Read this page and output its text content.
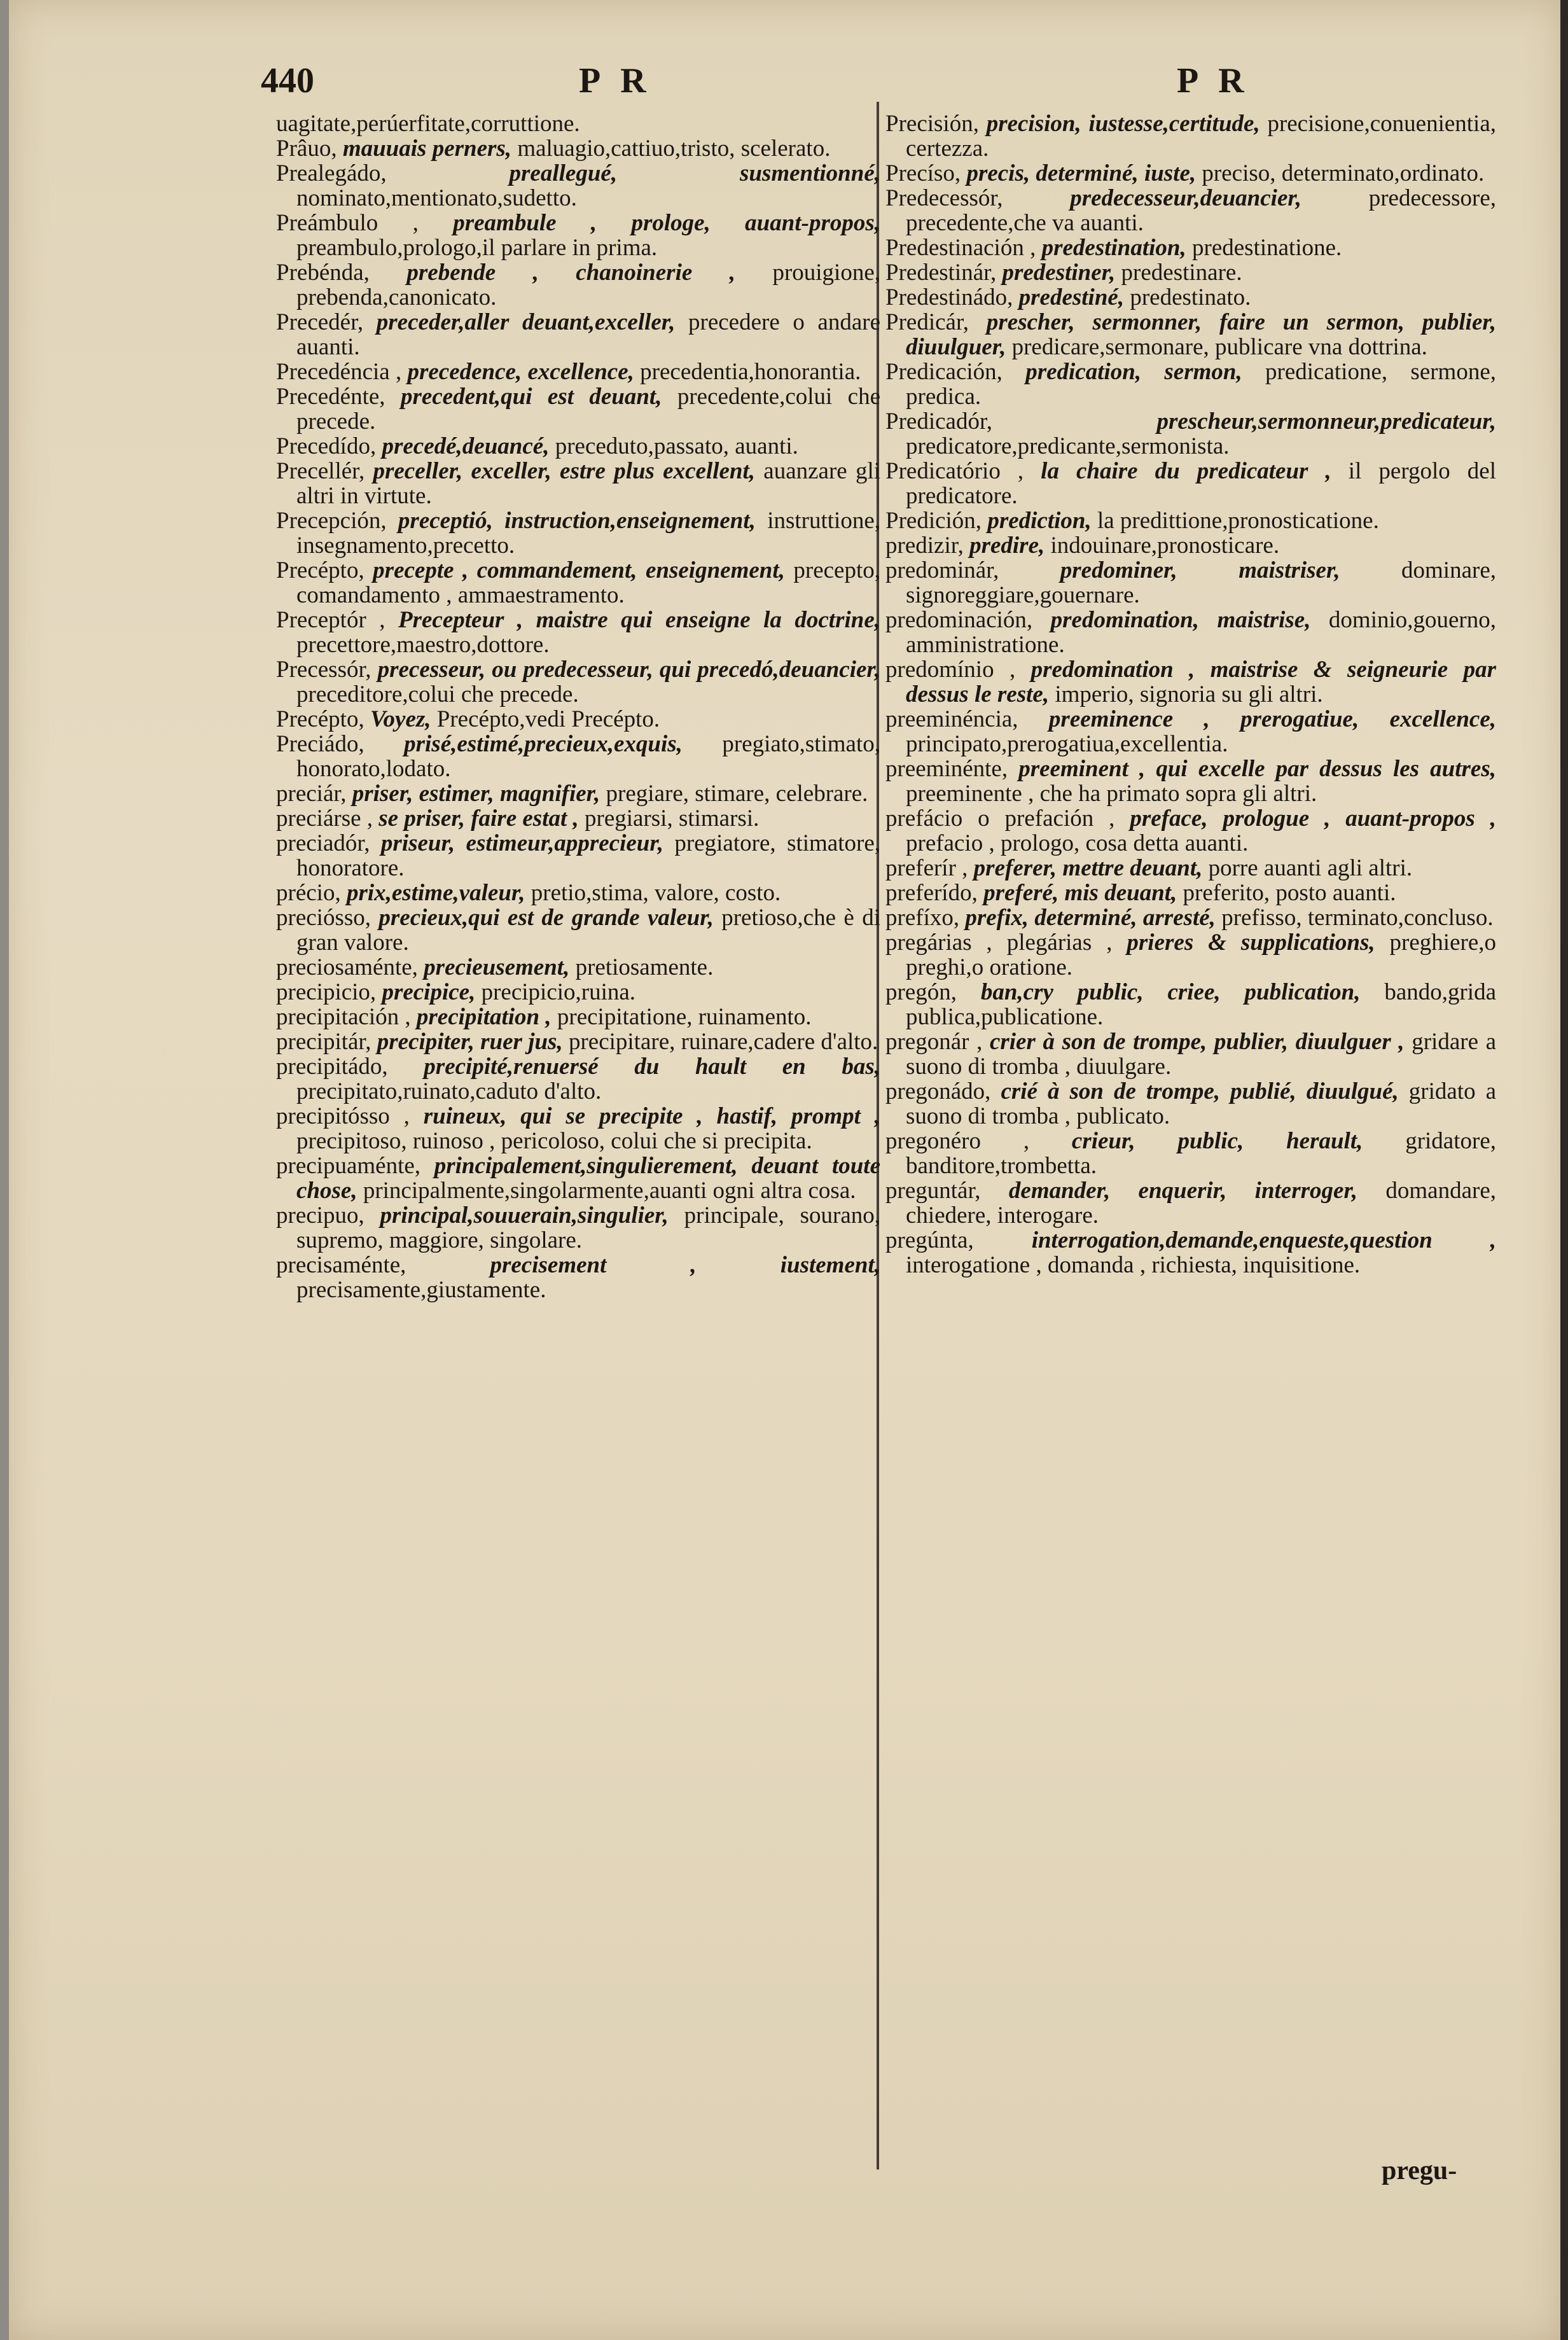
440	P R	P R
uagitate,perúerfitate,corruttione.
Prâuo, mauuais perners, maluagio,cattiuo,tristo, scelerato.
Prealegádo,	preallegué, susmentionné, nominato,mentionato,sudetto.
Preámbulo , preambule , prologe, auant-propos, preambulo,prologo,il parlare in prima.
Prebénda, prebende , chanoinerie , prouigione, prebenda,canonicato.
Precedér, preceder,aller deuant,exceller, precedere o andare auanti.
Precedéncia , precedence, excellence, precedentia,honorantia.
Precedénte, precedent,qui est deuant, precedente,colui che precede.
Precedído, precedé,deuancé, preceduto,passato, auanti.
Precellér, preceller, exceller, estre plus excellent, auanzare gli altri in virtute.
Precepción, preceptió, instruction,enseignement, instruttione, insegnamento,precetto.
Precépto, precepte , commandement, enseignement, precepto, comandamento , ammaestramento.
Preceptór , Precepteur , maistre qui enseigne la doctrine, precettore,maestro,dottore.
Precessór, precesseur, ou predecesseur, qui precedó,deuancier, preceditore,colui che precede.
Precépto, Voyez, Precépto,vedi Precépto.
Preciádo, prisé,estimé,precieux,exquis, pregiato,stimato, honorato,lodato.
preciár, priser, estimer, magnifier, pregiare, stimare, celebrare.
preciárse , se priser, faire estat , pregiarsi, stimarsi.
preciadór, priseur, estimeur,apprecieur, pregiatore, stimatore, honoratore.
précio, prix,estime,valeur, pretio,stima, valore, costo.
preciósso, precieux,qui est de grande valeur, pretioso,che è di gran valore.
preciosaménte, precieusement, pretiosamente.
precipicio, precipice, precipicio,ruina.
precipitación , precipitation , precipitatione, ruinamento.
precipitár, precipiter, ruer jus, precipitare, ruinare,cadere d'alto.
precipitádo, precipité,renuersé du hault en bas, precipitato,ruinato,caduto d'alto.
precipitósso , ruineux, qui se precipite , hastif, prompt , precipitoso, ruinoso , pericoloso, colui che si precipita.
precipuaménte, principalement,singulierement, deuant toute chose, principalmente,singolarmente,auanti ogni altra cosa.
precipuo, principal,souuerain,singulier, principale, sourano, supremo, maggiore, singolare.
precisaménte,	precisement , iustement, precisamente,giustamente.
Precisión, precision, iustesse,certitude, precisione,conuenientia, certezza.
Precíso, precis, determiné, iuste, preciso, determinato,ordinato.
Predecessór,	predecesseur,deuancier,	predecessore, precedente,che va auanti.
Predestinación , predestination, predestinatione.
Predestinár, predestiner, predestinare.
Predestinádo, predestiné, predestinato.
Predicár, prescher, sermonner, faire un sermon, publier, diuulguer, predicare,sermonare, publicare vna dottrina.
Predicación, predication, sermon, predicatione, sermone, predica.
Predicadór,	prescheur,sermonneur,predicateur, predicatore,predicante,sermonista.
Predicatório , la chaire du predicateur , il pergolo del predicatore.
Predición, prediction, la predittione,pronosticatione.
predizir, predire, indouinare,pronosticare.
predominár,	predominer, maistriser,	dominare, signoreggiare,gouernare.
predominación, predomination, maistrise, dominio,gouerno, amministratione.
predomínio , predomination , maistrise & seigneurie par dessus le reste, imperio, signoria su gli altri.
preeminéncia, preeminence , prerogatiue, excellence, principato,prerogatiua,excellentia.
preeminénte, preeminent , qui excelle par dessus les autres, preeminente , che ha primato sopra gli altri.
prefácio o prefación , preface, prologue , auant-propos , prefacio , prologo, cosa detta auanti.
preferír , preferer, mettre deuant, porre auanti agli altri.
preferído, preferé, mis deuant, preferito, posto auanti.
prefíxo, prefix, determiné, arresté, prefisso, terminato,concluso.
pregárias , plegárias , prieres & supplications, preghiere,o preghi,o oratione.
pregón, ban,cry public, criee, publication, bando,grida publica,publicatione.
pregonár , crier à son de trompe, publier, diuulguer , gridare a suono di tromba , diuulgare.
pregonádo, crié à son de trompe, publié, diuulgué, gridato a suono di tromba , publicato.
pregonéro , crieur, public, herault, gridatore, banditore,trombetta.
preguntár, demander, enquerir, interroger, domandare, chiedere, interogare.
pregúnta, interrogation,demande,enqueste,question , interogatione , domanda , richiesta, inquisitione.
pregu-
